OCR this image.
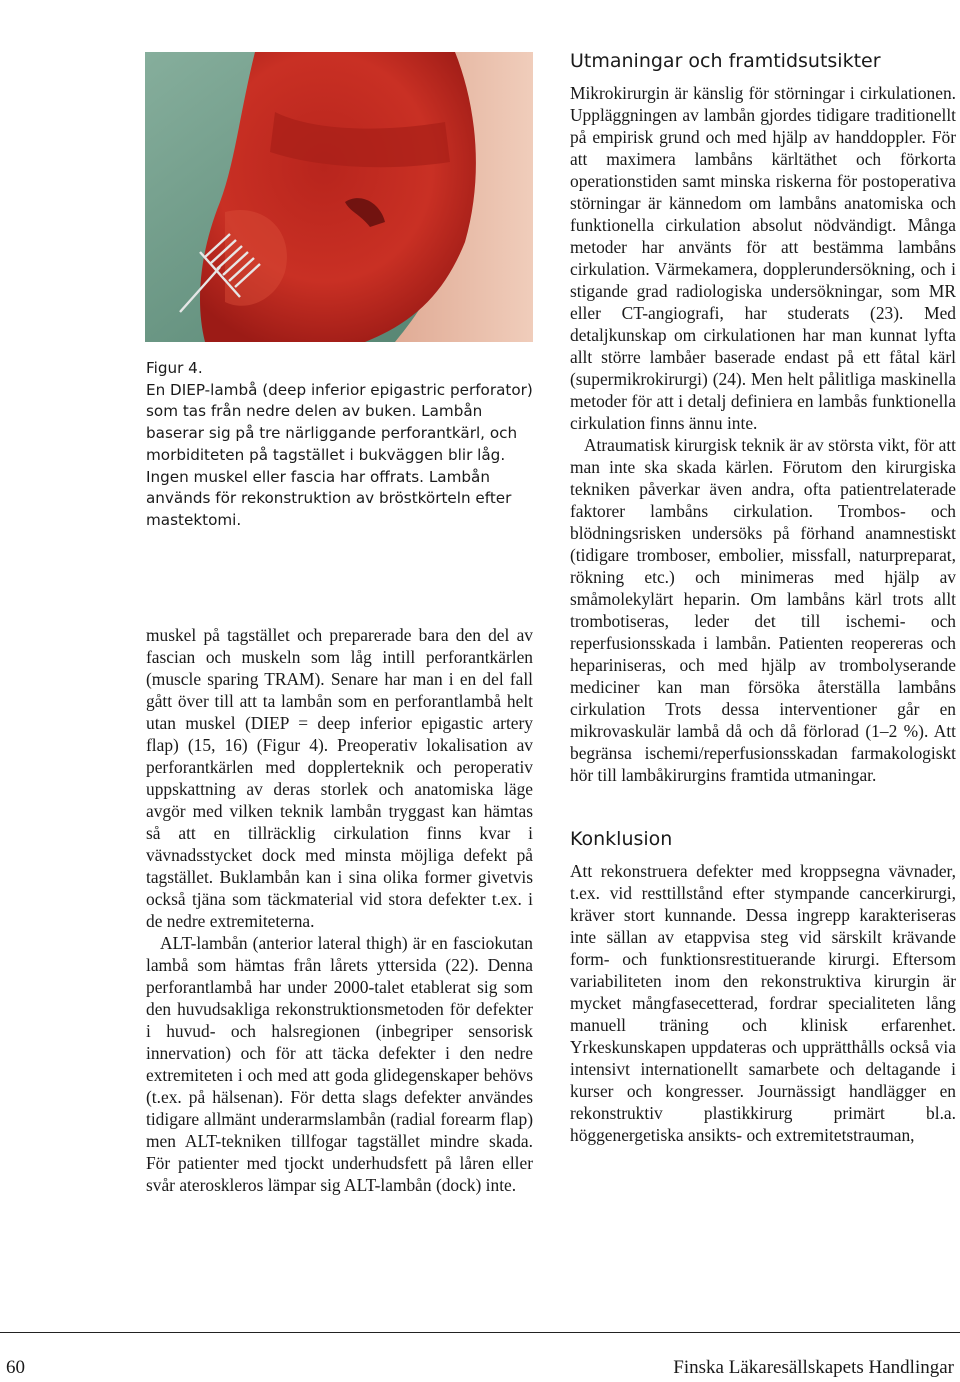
Figur 4.

En DIEP-lambå (deep inferior epigastric perforator) som tas från nedre delen av buken. Lambån baserar sig på tre närliggande perforantkärl, och morbiditeten på tagstället i bukväggen blir låg. Ingen muskel eller fascia har offrats. Lambån används för rekonstruktion av bröstkörteln efter mastektomi.

muskel på tagstället och preparerade bara den del av fascian och muskeln som låg intill perforantkärlen (muscle sparing TRAM). Senare har man i en del fall gått över till att ta lambån som en perforantlambå helt utan muskel (DIEP = deep inferior epigastic artery flap) (15, 16) (Figur 4). Preoperativ lokalisation av perforantkärlen med dopplerteknik och peroperativ uppskattning av deras storlek och anatomiska läge avgör med vilken teknik lambån tryggast kan hämtas så att en tillräcklig cirkulation finns kvar i vävnadsstycket dock med minsta möjliga defekt på tagstället. Buklambån kan i sina olika former givetvis också tjäna som täckmaterial vid stora defekter t.ex. i de nedre extremiteterna.

ALT-lambån (anterior lateral thigh) är en fasciokutan lambå som hämtas från lårets yttersida (22). Denna perforantlambå har under 2000-talet etablerat sig som den huvudsakliga rekonstruktionsmetoden för defekter i huvud- och halsregionen (inbegriper sensorisk innervation) och för att täcka defekter i den nedre extremiteten i och med att goda glidegenskaper behövs (t.ex. på hälsenan). För detta slags defekter användes tidigare allmänt underarmslambån (radial forearm flap) men ALT-tekniken tillfogar tagstället mindre skada. För patienter med tjockt underhudsfett på låren eller svår ateroskleros lämpar sig ALT-lambån (dock) inte.

Utmaningar och framtidsutsikter

Mikrokirurgin är känslig för störningar i cirkulationen. Uppläggningen av lambån gjordes tidigare traditionellt på empirisk grund och med hjälp av handdoppler. För att maximera lambåns kärltäthet och förkorta operationstiden samt minska riskerna för postoperativa störningar är kännedom om lambåns anatomiska och funktionella cirkulation absolut nödvändigt. Många metoder har använts för att bestämma lambåns cirkulation. Värmekamera, dopplerundersökning, och i stigande grad radiologiska undersökningar, som MR eller CT-angiografi, har studerats (23). Med detaljkunskap om cirkulationen har man kunnat lyfta allt större lambåer baserade endast på ett fåtal kärl (supermikrokirurgi) (24). Men helt pålitliga maskinella metoder för att i detalj definiera en lambås funktionella cirkulation finns ännu inte.

Atraumatisk kirurgisk teknik är av största vikt, för att man inte ska skada kärlen. Förutom den kirurgiska tekniken påverkar även andra, ofta patientrelaterade faktorer lambåns cirkulation. Trombos- och blödningsrisken undersöks på förhand anamnestiskt (tidigare tromboser, embolier, missfall, naturpreparat, rökning etc.) och minimeras med hjälp av småmolekylärt heparin. Om lambåns kärl trots allt trombotiseras, leder det till ischemi- och reperfusionsskada i lambån. Patienten reopereras och hepariniseras, och med hjälp av trombolyserande mediciner kan man försöka återställa lambåns cirkulation Trots dessa interventioner går en mikrovaskulär lambå då och då förlorad (1–2 %). Att begränsa ischemi/reperfusionsskadan farmakologiskt hör till lambåkirurgins framtida utmaningar.

Konklusion

Att rekonstruera defekter med kroppsegna vävnader, t.ex. vid resttillstånd efter stympande cancerkirurgi, kräver stort kunnande. Dessa ingrepp karakteriseras inte sällan av etappvisa steg vid särskilt krävande form- och funktionsrestituerande kirurgi. Eftersom variabiliteten inom den rekonstruktiva kirurgin är mycket mångfasecetterad, fordrar specialiteten lång manuell träning och klinisk erfarenhet. Yrkeskunskapen uppdateras och upprätthålls också via intensivt internationellt samarbete och deltagande i kurser och kongresser. Journässigt handlägger en rekonstruktiv plastikkirurg primärt bl.a. höggenergetiska ansikts- och extremitetstrauman,

60	Finska Läkaresällskapets Handlingar
